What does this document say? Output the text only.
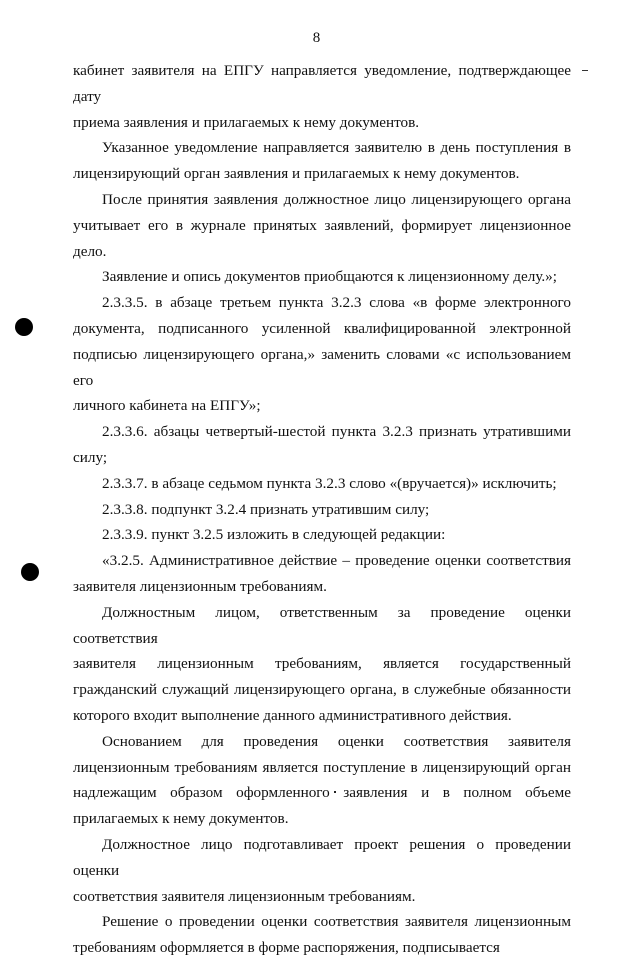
8
кабинет заявителя на ЕПГУ направляется уведомление, подтверждающее дату
приема заявления и прилагаемых к нему документов.
Указанное уведомление направляется заявителю в день поступления в
лицензирующий орган заявления и прилагаемых к нему документов.
После принятия заявления должностное лицо лицензирующего органа
учитывает его в журнале принятых заявлений, формирует лицензионное дело.
Заявление и опись документов приобщаются к лицензионному делу.»;
2.3.3.5. в абзаце третьем пункта 3.2.3 слова «в форме электронного
документа, подписанного усиленной квалифицированной электронной
подписью лицензирующего органа,» заменить словами «с использованием его
личного кабинета на ЕПГУ»;
2.3.3.6. абзацы четвертый-шестой пункта 3.2.3 признать утратившими
силу;
2.3.3.7. в абзаце седьмом пункта 3.2.3 слово «(вручается)» исключить;
2.3.3.8. подпункт 3.2.4 признать утратившим силу;
2.3.3.9. пункт 3.2.5 изложить в следующей редакции:
«3.2.5. Административное действие – проведение оценки соответствия
заявителя лицензионным требованиям.
Должностным лицом, ответственным за проведение оценки соответствия
заявителя лицензионным требованиям, является государственный
гражданский служащий лицензирующего органа, в служебные обязанности
которого входит выполнение данного административного действия.
Основанием для проведения оценки соответствия заявителя
лицензионным требованиям является поступление в лицензирующий орган
надлежащим образом оформленного заявления и в полном объеме
прилагаемых к нему документов.
Должностное лицо подготавливает проект решения о проведении оценки
соответствия заявителя лицензионным требованиям.
Решение о проведении оценки соответствия заявителя лицензионным
требованиям оформляется в форме распоряжения, подписывается
